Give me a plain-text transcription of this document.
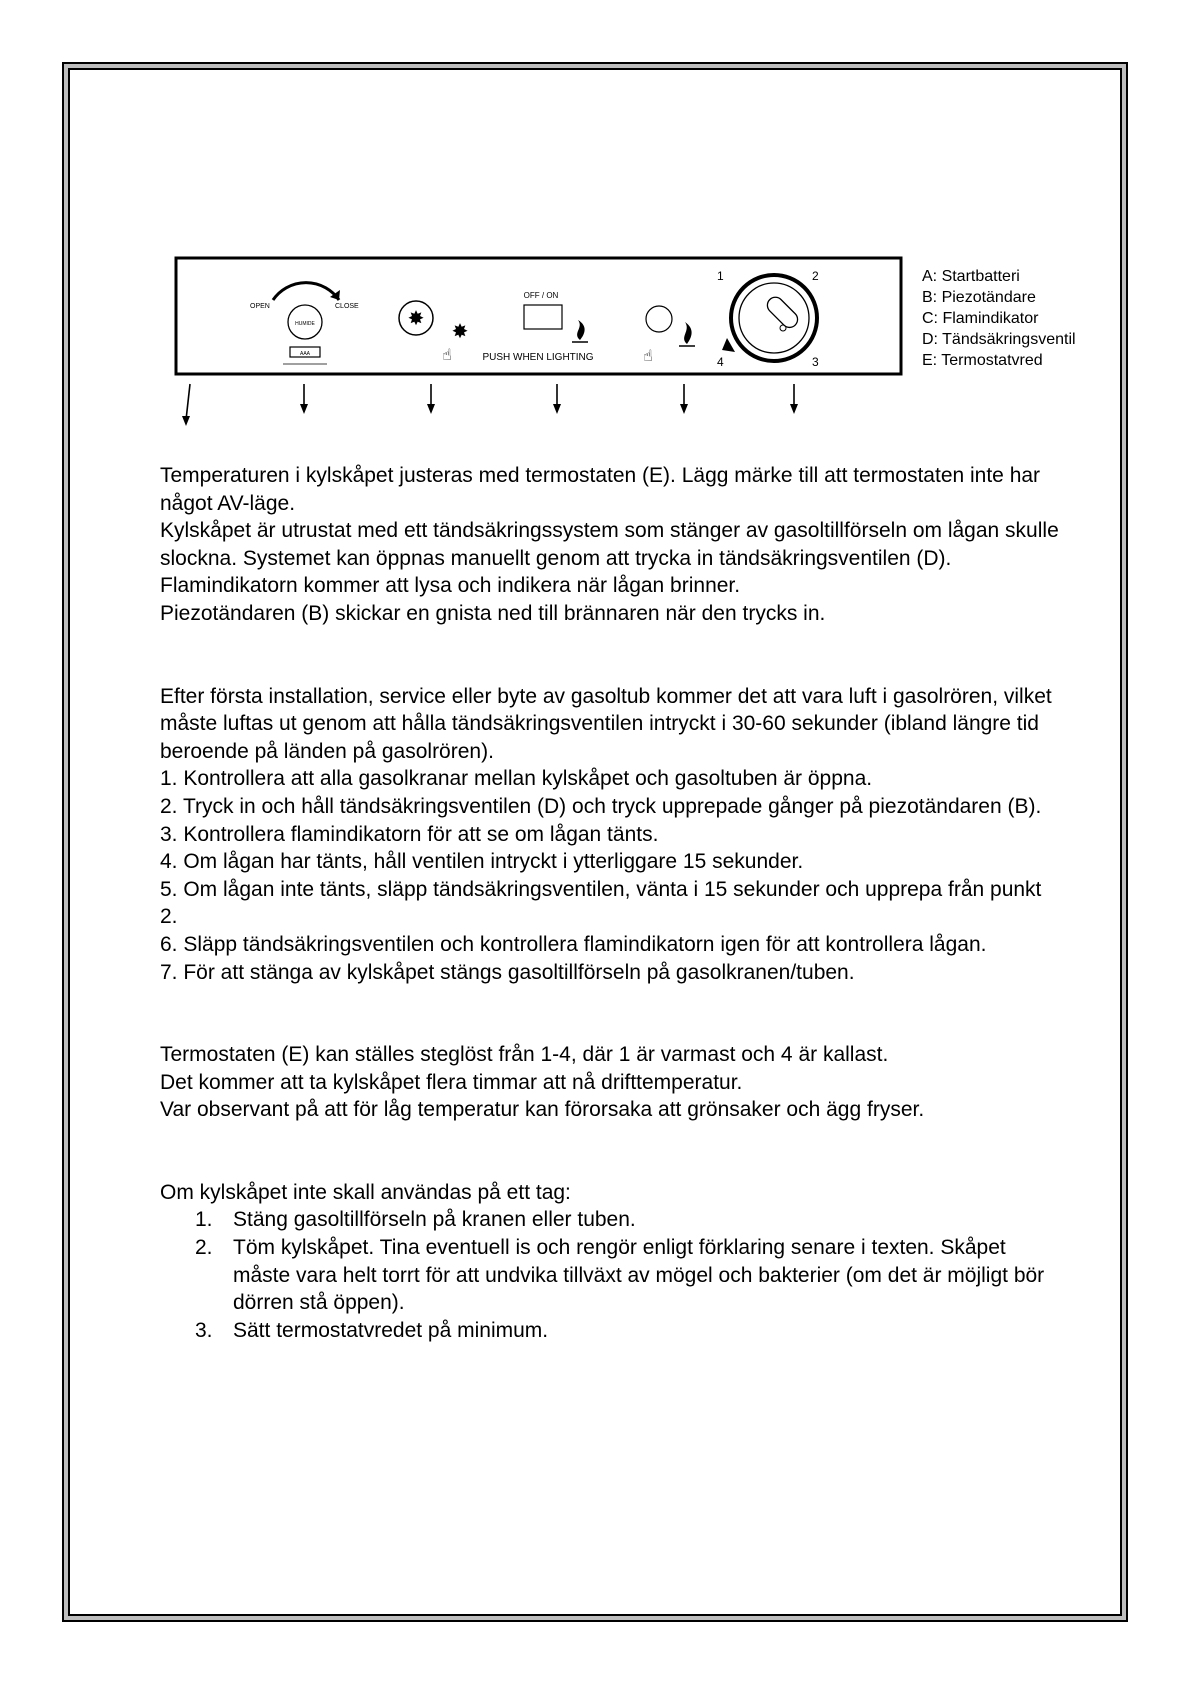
HUMIDE
OPEN	CLOSE
AAA
✸
✸
☝
OFF / ON
PUSH WHEN LIGHTING	☝
1	2
3
4
A: Startbatteri
B: Piezotändare
C: Flamindikator
D: Tändsäkringsventil
E: Termostatvred

Temperaturen i kylskåpet justeras med termostaten (E). Lägg märke till att termostaten inte har något AV-läge.

Kylskåpet är utrustat med ett tändsäkringssystem som stänger av gasoltillförseln om lågan skulle slockna. Systemet kan öppnas manuellt genom att trycka in tändsäkringsventilen (D).

Flamindikatorn kommer att lysa och indikera när lågan brinner.

Piezotändaren (B) skickar en gnista ned till brännaren när den trycks in.

Efter första installation, service eller byte av gasoltub kommer det att vara luft i gasolrören, vilket måste luftas ut genom att hålla tändsäkringsventilen intryckt i 30-60 sekunder (ibland längre tid beroende på länden på gasolrören).

1. Kontrollera att alla gasolkranar mellan kylskåpet och gasoltuben är öppna.

2. Tryck in och håll tändsäkringsventilen (D) och tryck upprepade gånger på piezotändaren (B).

3. Kontrollera flamindikatorn för att se om lågan tänts.

4. Om lågan har tänts, håll ventilen intryckt i ytterliggare 15 sekunder.

5. Om lågan inte tänts, släpp tändsäkringsventilen, vänta i 15 sekunder och upprepa från punkt 2.

6. Släpp tändsäkringsventilen och kontrollera flamindikatorn igen för att kontrollera lågan.

7. För att stänga av kylskåpet stängs gasoltillförseln på gasolkranen/tuben.

Termostaten (E) kan ställes steglöst från 1-4, där 1 är varmast och 4 är kallast.

Det kommer att ta kylskåpet flera timmar att nå drifttemperatur.

Var observant på att för låg temperatur kan förorsaka att grönsaker och ägg fryser.

Om kylskåpet inte skall användas på ett tag:

1. Stäng gasoltillförseln på kranen eller tuben.
2. Töm kylskåpet. Tina eventuell is och rengör enligt förklaring senare i texten. Skåpet måste vara helt torrt för att undvika tillväxt av mögel och bakterier (om det är möjligt bör dörren stå öppen).
3. Sätt termostatvredet på minimum.
